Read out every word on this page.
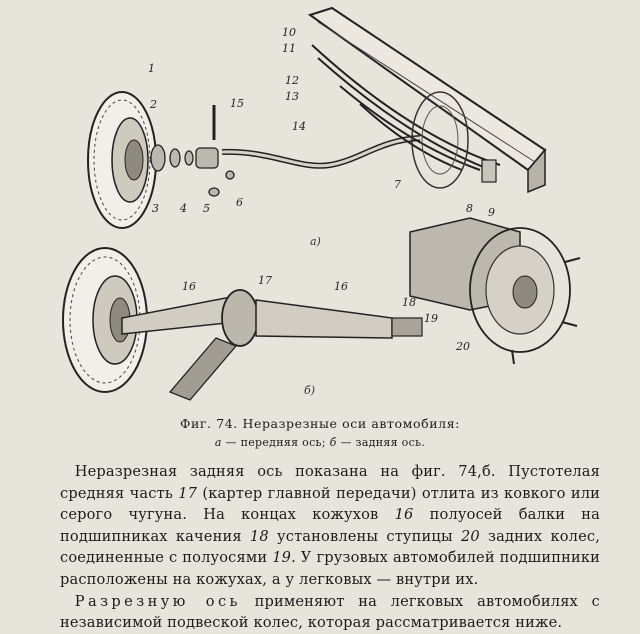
1
2
3 4 5 6
7
8 9
10
11
12
13
14
15
а)
16	17
18
19
20
16
б)
Фиг. 74. Неразрезные оси автомобиля:
а — передняя ось; б — задняя ось.

 Неразрезная задняя ось показана на фиг. 74,б. Пустотелая средняя часть 17 (картер главной передачи) отлита из ковкого или серого чугуна. На концах кожухов 16 полуосей балки на подшипниках качения 18 установлены ступицы 20 задних колес, соединенные с полуосями 19. У грузовых автомобилей подшипники расположены на кожухах, а у легковых — внутри их.

 Разрезную ось применяют на легковых автомобилях с независимой подвеской колес, которая рассматривается ниже.
